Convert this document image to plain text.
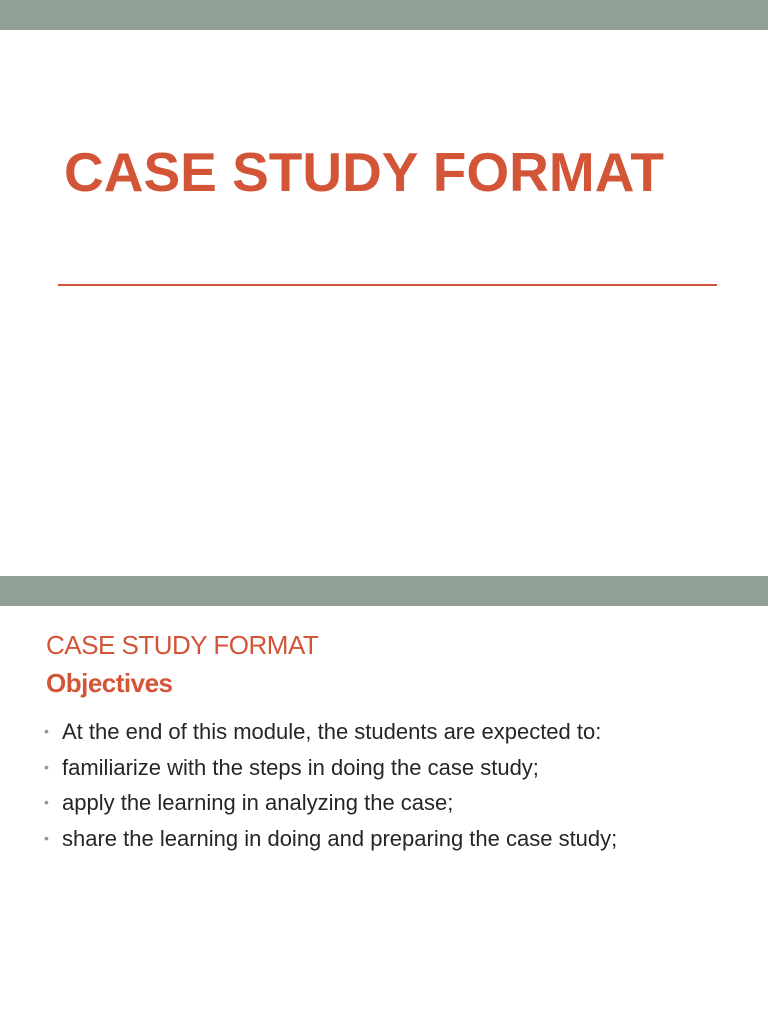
CASE STUDY FORMAT
CASE STUDY FORMAT
Objectives
• At the end of this module, the students are expected to:
• familiarize with the steps in doing the case study;
• apply the learning in analyzing the case;
• share the learning in doing and preparing the case study;
